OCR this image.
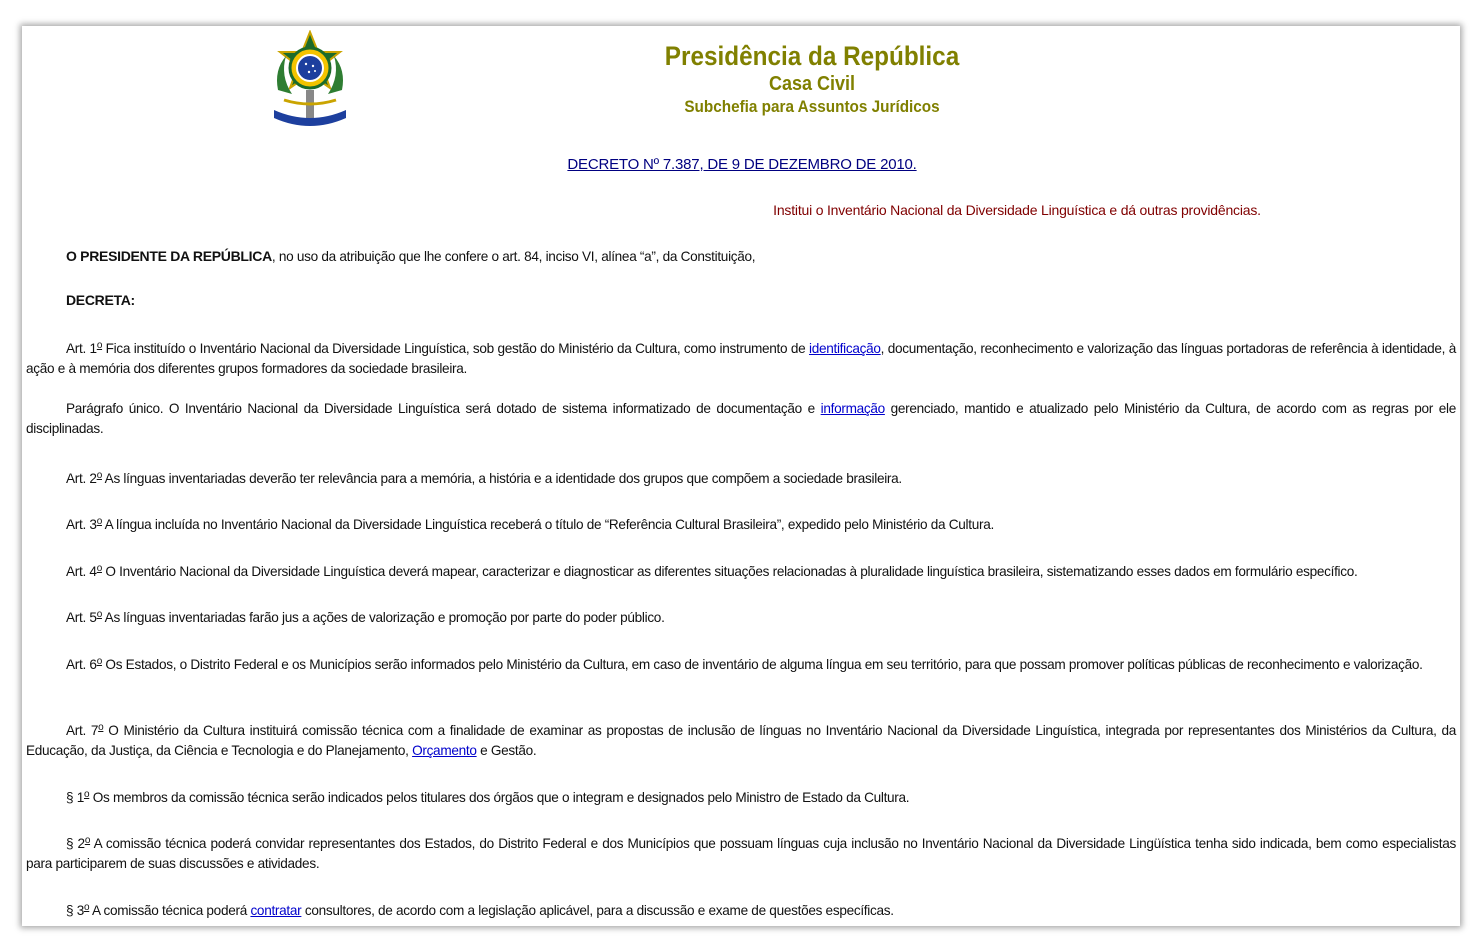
Presidência da República
Casa Civil
Subchefia para Assuntos Jurídicos
DECRETO Nº 7.387, DE 9 DE DEZEMBRO DE 2010.
Institui o Inventário Nacional da Diversidade Linguística e dá outras providências.

O PRESIDENTE DA REPÚBLICA, no uso da atribuição que lhe confere o art. 84, inciso VI, alínea “a”, da Constituição,

DECRETA:

Art. 1$^o$ Fica instituído o Inventário Nacional da Diversidade Linguística, sob gestão do Ministério da Cultura, como instrumento de identificação, documentação, reconhecimento e valorização das línguas portadoras de referência à identidade, à ação e à memória dos diferentes grupos formadores da sociedade brasileira.

Parágrafo único. O Inventário Nacional da Diversidade Linguística será dotado de sistema informatizado de documentação e informação gerenciado, mantido e atualizado pelo Ministério da Cultura, de acordo com as regras por ele disciplinadas.

Art. 2$^o$ As línguas inventariadas deverão ter relevância para a memória, a história e a identidade dos grupos que compõem a sociedade brasileira.

Art. 3$^o$ A língua incluída no Inventário Nacional da Diversidade Linguística receberá o título de “Referência Cultural Brasileira”, expedido pelo Ministério da Cultura.

Art. 4$^o$ O Inventário Nacional da Diversidade Linguística deverá mapear, caracterizar e diagnosticar as diferentes situações relacionadas à pluralidade linguística brasileira, sistematizando esses dados em formulário específico.

Art. 5$^o$ As línguas inventariadas farão jus a ações de valorização e promoção por parte do poder público.

Art. 6$^o$ Os Estados, o Distrito Federal e os Municípios serão informados pelo Ministério da Cultura, em caso de inventário de alguma língua em seu território, para que possam promover políticas públicas de reconhecimento e valorização.

Art. 7$^o$ O Ministério da Cultura instituirá comissão técnica com a finalidade de examinar as propostas de inclusão de línguas no Inventário Nacional da Diversidade Linguística, integrada por representantes dos Ministérios da Cultura, da Educação, da Justiça, da Ciência e Tecnologia e do Planejamento, Orçamento e Gestão.

§ 1$^o$ Os membros da comissão técnica serão indicados pelos titulares dos órgãos que o integram e designados pelo Ministro de Estado da Cultura.

§ 2$^o$ A comissão técnica poderá convidar representantes dos Estados, do Distrito Federal e dos Municípios que possuam línguas cuja inclusão no Inventário Nacional da Diversidade Lingüística tenha sido indicada, bem como especialistas para participarem de suas discussões e atividades.

§ 3$^o$ A comissão técnica poderá contratar consultores, de acordo com a legislação aplicável, para a discussão e exame de questões específicas.
